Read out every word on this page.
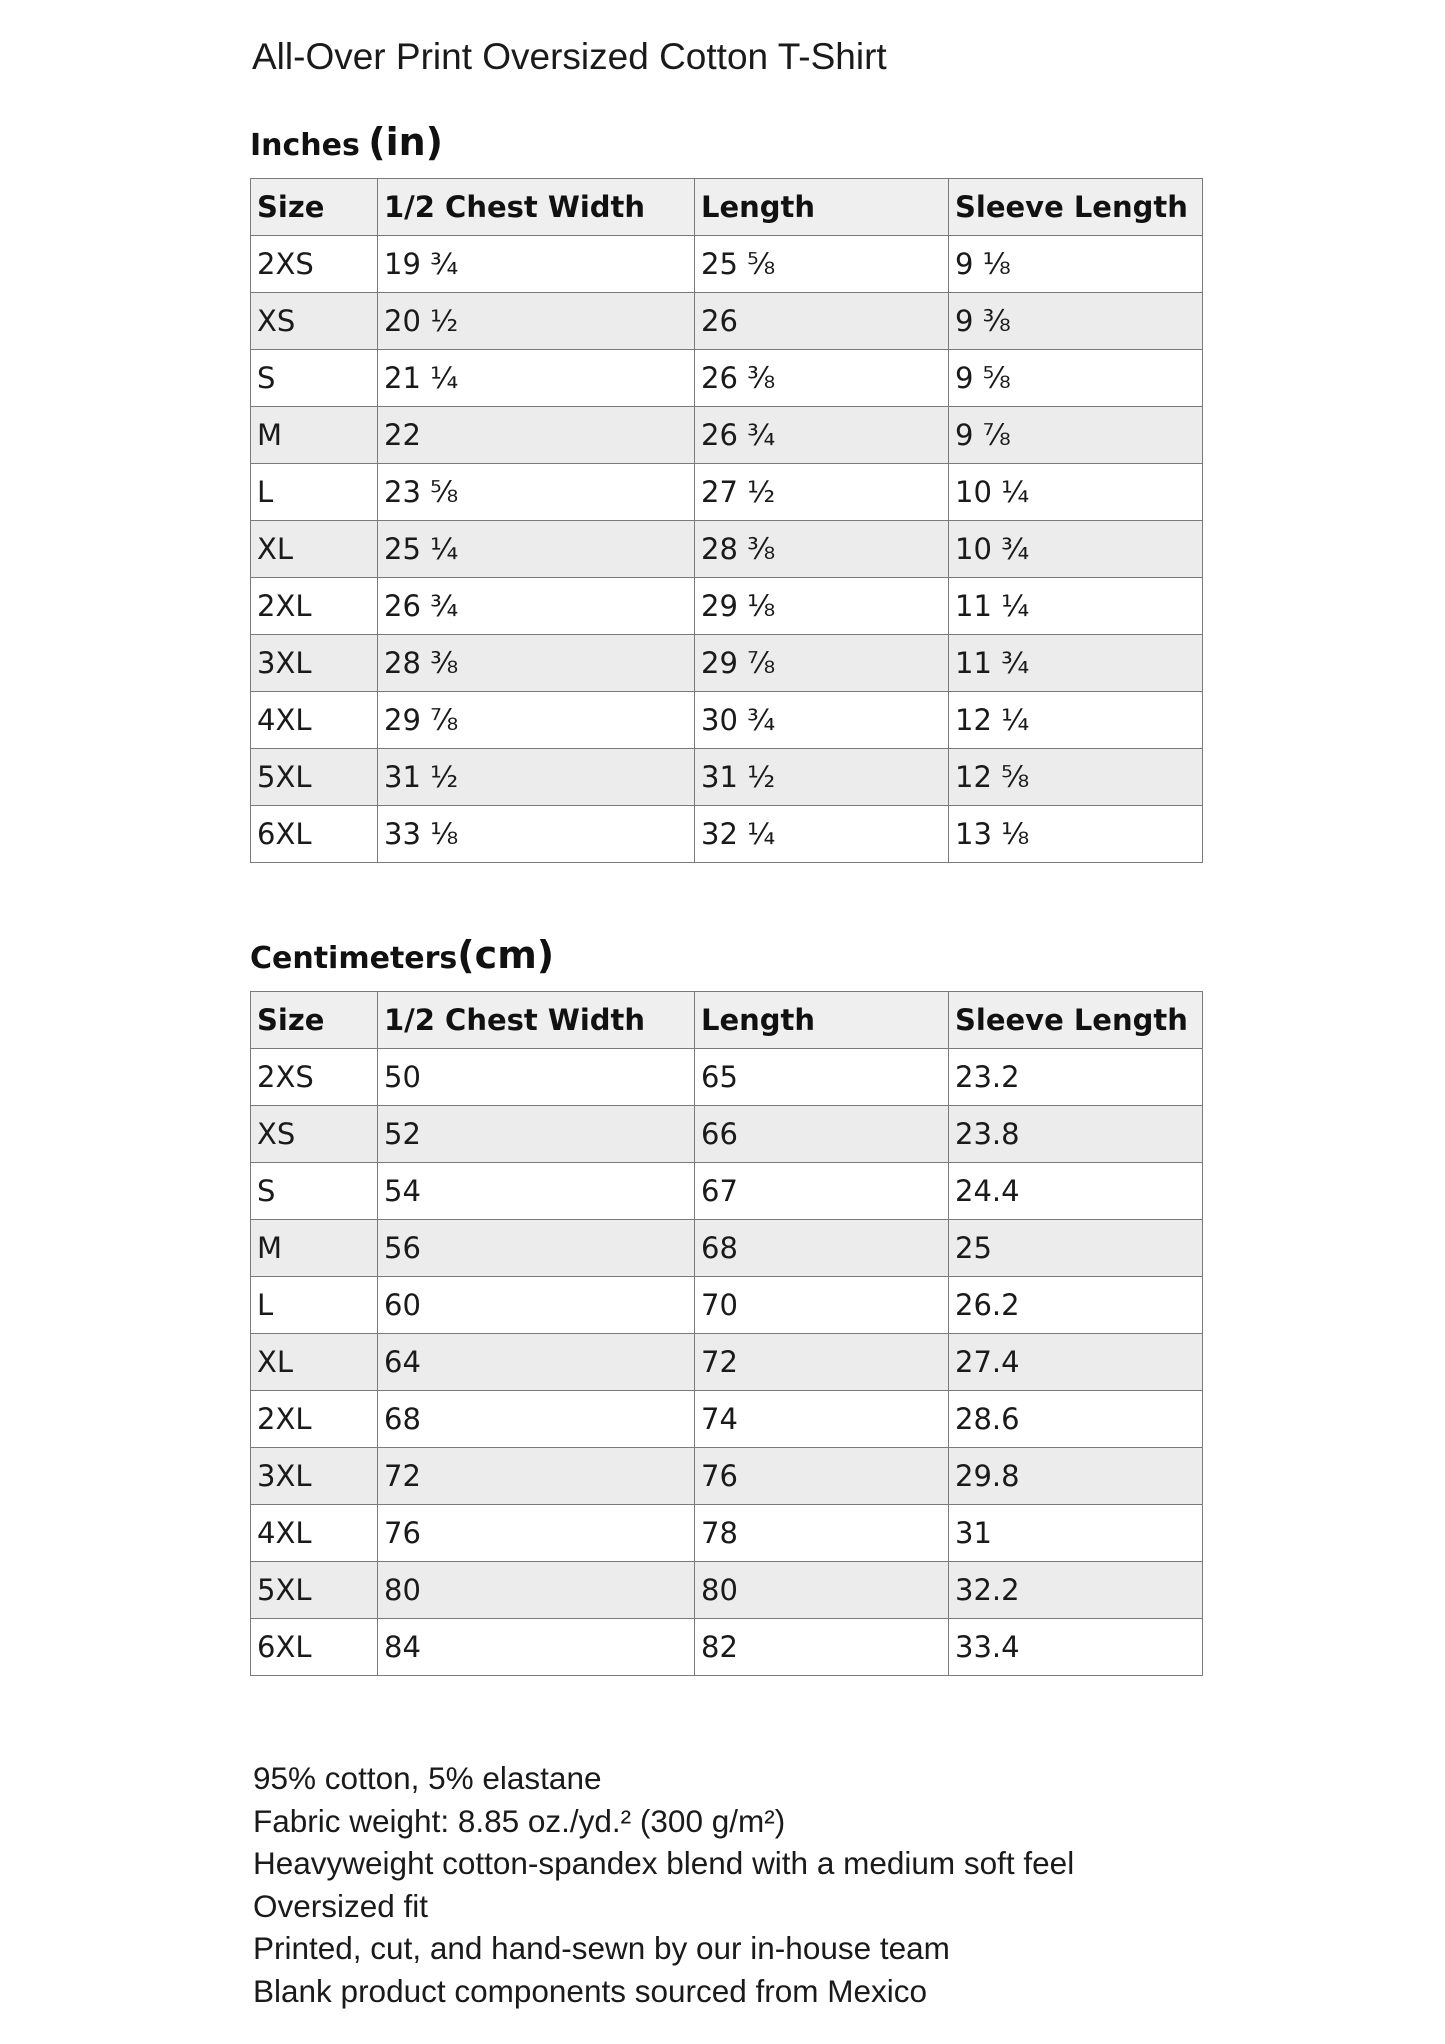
All-Over Print Oversized Cotton T-Shirt
Inches (in)
Size	1/2 Chest Width	Length	Sleeve Length
2XS	19 ¾	25 ⅝	9 ⅛
XS	20 ½	26	9 ⅜
S	21 ¼	26 ⅜	9 ⅝
M	22	26 ¾	9 ⅞
L	23 ⅝	27 ½	10 ¼
XL	25 ¼	28 ⅜	10 ¾
2XL	26 ¾	29 ⅛	11 ¼
3XL	28 ⅜	29 ⅞	11 ¾
4XL	29 ⅞	30 ¾	12 ¼
5XL	31 ½	31 ½	12 ⅝
6XL	33 ⅛	32 ¼	13 ⅛
Centimeters(cm)
Size	1/2 Chest Width	Length	Sleeve Length
2XS	50	65	23.2
XS	52	66	23.8
S	54	67	24.4
M	56	68	25
L	60	70	26.2
XL	64	72	27.4
2XL	68	74	28.6
3XL	72	76	29.8
4XL	76	78	31
5XL	80	80	32.2
6XL	84	82	33.4
95% cotton, 5% elastane
Fabric weight: 8.85 oz./yd.² (300 g/m²)
Heavyweight cotton-spandex blend with a medium soft feel
Oversized fit
Printed, cut, and hand-sewn by our in-house team
Blank product components sourced from Mexico
